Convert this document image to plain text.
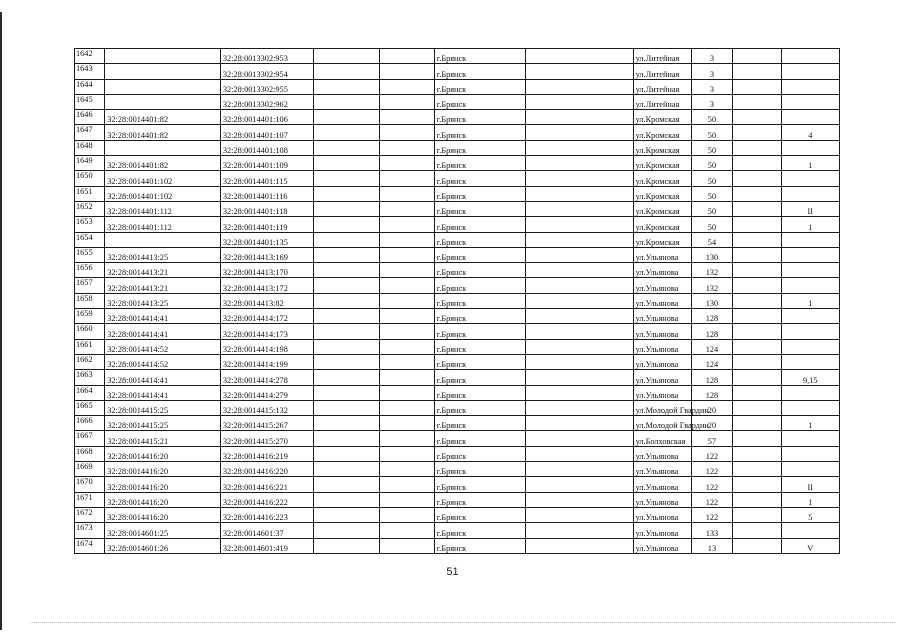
1642		32:28:0013302:953			г.Брянск		ул.Литейная	3		
1643		32:28:0013302:954			г.Брянск		ул.Литейная	3		
1644		32:28:0013302:955			г.Брянск		ул.Литейная	3		
1645		32:28:0013302:962			г.Брянск		ул.Литейная	3		
1646	32:28:0014401:82	32:28:0014401:106			г.Брянск		ул.Кромская	50		
1647	32:28:0014401:82	32:28:0014401:107			г.Брянск		ул.Кромская	50		4
1648		32:28:0014401:108			г.Брянск		ул.Кромская	50		
1649	32:28:0014401:82	32:28:0014401:109			г.Брянск		ул.Кромская	50		1
1650	32:28:0014401:102	32:28:0014401:115			г.Брянск		ул.Кромская	50		
1651	32:28:0014401:102	32:28:0014401:116			г.Брянск		ул.Кромская	50		
1652	32:28:0014401:112	32:28:0014401:118			г.Брянск		ул.Кромская	50		II
1653	32:28:0014401:112	32:28:0014401:119			г.Брянск		ул.Кромская	50		1
1654		32:28:0014401:135			г.Брянск		ул.Кромская	54		
1655	32:28:0014413:25	32:28:0014413:169			г.Брянск		ул.Ульянова	130		
1656	32:28:0014413:21	32:28:0014413:170			г.Брянск		ул.Ульянова	132		
1657	32:28:0014413:21	32:28:0014413:172			г.Брянск		ул.Ульянова	132		
1658	32:28:0014413:25	32:28:0014413:82			г.Брянск		ул.Ульянова	130		1
1659	32:28:0014414:41	32:28:0014414:172			г.Брянск		ул.Ульянова	128		
1660	32:28:0014414:41	32:28:0014414:173			г.Брянск		ул.Ульянова	128		
1661	32:28:0014414:52	32:28:0014414:198			г.Брянск		ул.Ульянова	124		
1662	32:28:0014414:52	32:28:0014414:199			г.Брянск		ул.Ульянова	124		
1663	32:28:0014414:41	32:28:0014414:278			г.Брянск		ул.Ульянова	128		9,15
1664	32:28:0014414:41	32:28:0014414:279			г.Брянск		ул.Ульянова	128		
1665	32:28:0014415:25	32:28:0014415:132			г.Брянск		ул.Молодой Гвардии	20		
1666	32:28:0014415:25	32:28:0014415:267			г.Брянск		ул.Молодой Гвардии	20		1
1667	32:28:0014415:21	32:28:0014415:270			г.Брянск		ул.Болховская	57		
1668	32:28:0014416:20	32:28:0014416:219			г.Брянск		ул.Ульянова	122		
1669	32:28:0014416:20	32:28:0014416:220			г.Брянск		ул.Ульянова	122		
1670	32:28:0014416:20	32:28:0014416:221			г.Брянск		ул.Ульянова	122		II
1671	32:28:0014416:20	32:28:0014416:222			г.Брянск		ул.Ульянова	122		1
1672	32:28:0014416:20	32:28:0014416:223			г.Брянск		ул.Ульянова	122		5
1673	32:28:0014601:25	32:28:0014601:37			г.Брянск		ул.Ульянова	133		
1674	32:28:0014601:26	32:28:0014601:419			г.Брянск		ул.Ульянова	13		V
51
